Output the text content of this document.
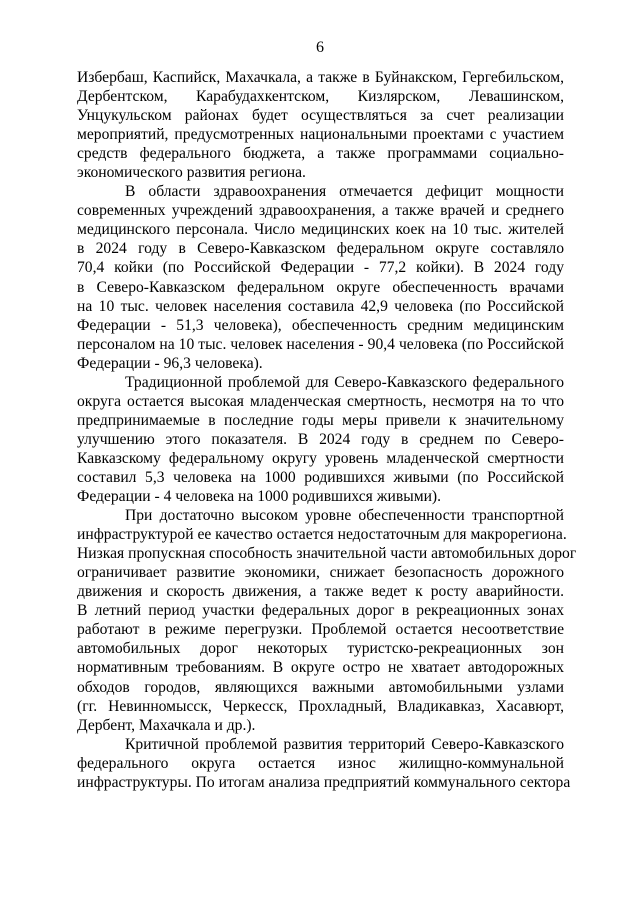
6
Избербаш, Каспийск, Махачкала, а также в Буйнакском, Гергебильском,
Дербентском, Карабудахкентском, Кизлярском, Левашинском,
Унцукульском районах будет осуществляться за счет реализации
мероприятий, предусмотренных национальными проектами с участием
средств федерального бюджета, а также программами социально-
экономического развития региона.
В области здравоохранения отмечается дефицит мощности
современных учреждений здравоохранения, а также врачей и среднего
медицинского персонала. Число медицинских коек на 10 тыс. жителей
в 2024 году в Северо-Кавказском федеральном округе составляло
70,4 койки (по Российской Федерации - 77,2 койки). В 2024 году
в Северо-Кавказском федеральном округе обеспеченность врачами
на 10 тыс. человек населения составила 42,9 человека (по Российской
Федерации - 51,3 человека), обеспеченность средним медицинским
персоналом на 10 тыс. человек населения - 90,4 человека (по Российской
Федерации - 96,3 человека).
Традиционной проблемой для Северо-Кавказского федерального
округа остается высокая младенческая смертность, несмотря на то что
предпринимаемые в последние годы меры привели к значительному
улучшению этого показателя. В 2024 году в среднем по Северо-
Кавказскому федеральному округу уровень младенческой смертности
составил 5,3 человека на 1000 родившихся живыми (по Российской
Федерации - 4 человека на 1000 родившихся живыми).
При достаточно высоком уровне обеспеченности транспортной
инфраструктурой ее качество остается недостаточным для макрорегиона.
Низкая пропускная способность значительной части автомобильных дорог
ограничивает развитие экономики, снижает безопасность дорожного
движения и скорость движения, а также ведет к росту аварийности.
В летний период участки федеральных дорог в рекреационных зонах
работают в режиме перегрузки. Проблемой остается несоответствие
автомобильных дорог некоторых туристско-рекреационных зон
нормативным требованиям. В округе остро не хватает автодорожных
обходов городов, являющихся важными автомобильными узлами
(гг. Невинномысск, Черкесск, Прохладный, Владикавказ, Хасавюрт,
Дербент, Махачкала и др.).
Критичной проблемой развития территорий Северо-Кавказского
федерального округа остается износ жилищно-коммунальной
инфраструктуры. По итогам анализа предприятий коммунального сектора
